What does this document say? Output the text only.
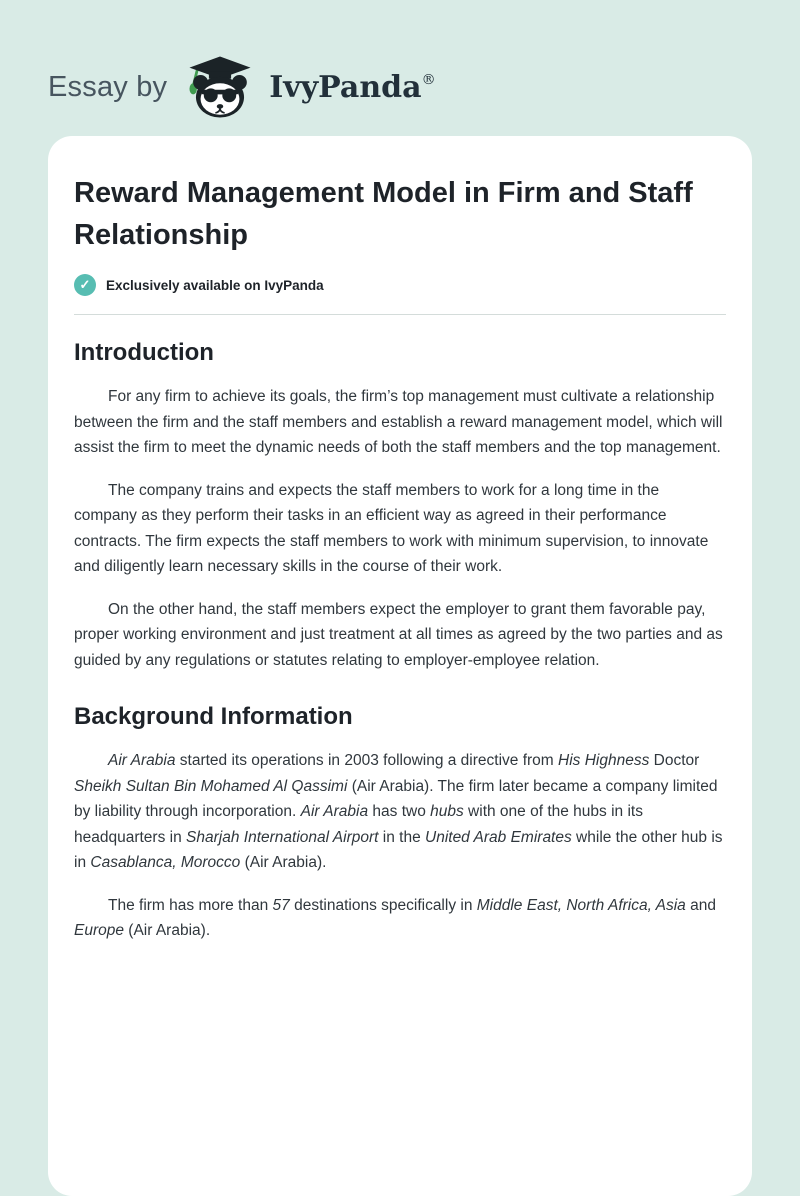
Essay by	IvyPanda®
Reward Management Model in Firm and Staff Relationship
✓	Exclusively available on IvyPanda
Introduction

For any firm to achieve its goals, the firm’s top management must cultivate a relationship between the firm and the staff members and establish a reward management model, which will assist the firm to meet the dynamic needs of both the staff members and the top management.

The company trains and expects the staff members to work for a long time in the company as they perform their tasks in an efficient way as agreed in their performance contracts. The firm expects the staff members to work with minimum supervision, to innovate and diligently learn necessary skills in the course of their work.

On the other hand, the staff members expect the employer to grant them favorable pay, proper working environment and just treatment at all times as agreed by the two parties and as guided by any regulations or statutes relating to employer-employee relation.

Background Information

Air Arabia started its operations in 2003 following a directive from His Highness Doctor Sheikh Sultan Bin Mohamed Al Qassimi (Air Arabia). The firm later became a company limited by liability through incorporation. Air Arabia has two hubs with one of the hubs in its headquarters in Sharjah International Airport in the United Arab Emirates while the other hub is in Casablanca, Morocco (Air Arabia).

The firm has more than 57 destinations specifically in Middle East, North Africa, Asia and Europe (Air Arabia).
